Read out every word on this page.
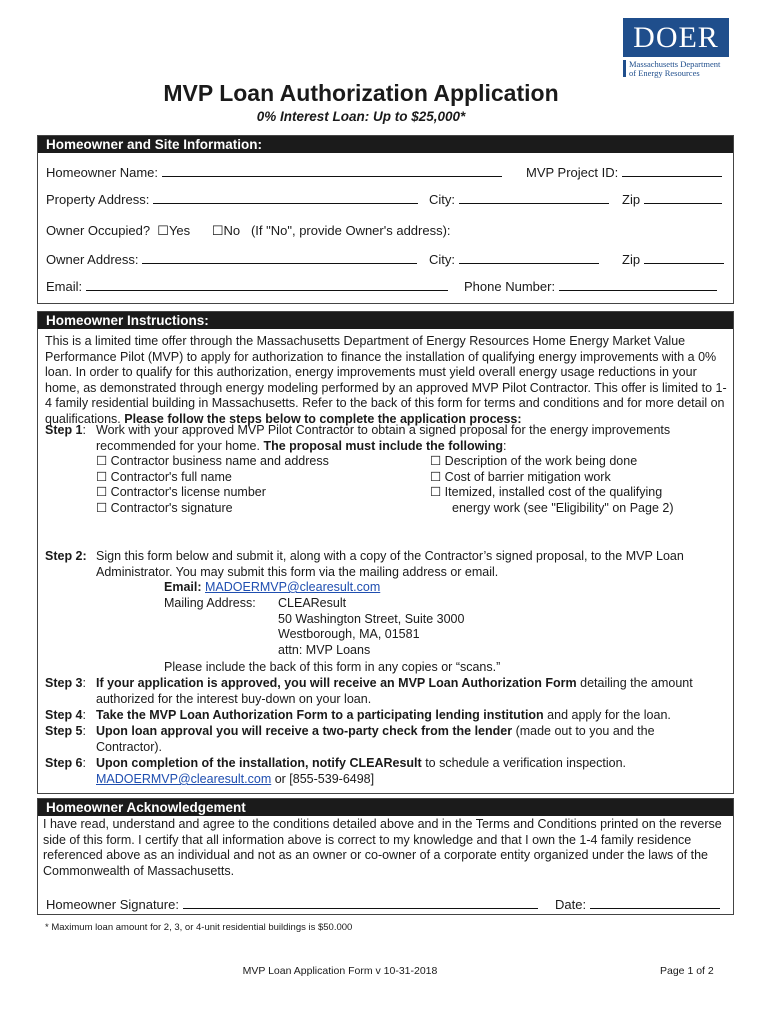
DOER
Massachusetts Department
of Energy Resources
MVP Loan Authorization Application
0% Interest Loan: Up to $25,000*
Homeowner and Site Information:
Homeowner Name:	MVP Project ID:
Property Address:	City:	Zip
Owner Occupied? ☐Yes ☐No (If "No", provide Owner's address):
Owner Address:	City:	Zip
Email:	Phone Number:
Homeowner Instructions:
This is a limited time offer through the Massachusetts Department of Energy Resources Home Energy Market Value Performance Pilot (MVP) to apply for authorization to finance the installation of qualifying energy improvements with a 0% loan. In order to qualify for this authorization, energy improvements must yield overall energy usage reductions in your home, as demonstrated through energy modeling performed by an approved MVP Pilot Contractor. This offer is limited to 1-4 family residential building in Massachusetts. Refer to the back of this form for terms and conditions and for more detail on qualifications. Please follow the steps below to complete the application process:
Step 1: Work with your approved MVP Pilot Contractor to obtain a signed proposal for the energy improvements recommended for your home. The proposal must include the following:
☐ Contractor business name and address
☐ Contractor's full name
☐ Contractor's license number
☐ Contractor's signature
☐ Description of the work being done
☐ Cost of barrier mitigation work
☐ Itemized, installed cost of the qualifying
energy work (see "Eligibility" on Page 2)
Step 2: Sign this form below and submit it, along with a copy of the Contractor’s signed proposal, to the MVP Loan Administrator. You may submit this form via the mailing address or email.
Email: MADOERMVP@clearesult.com
Mailing Address: CLEAResult
50 Washington Street, Suite 3000
Westborough, MA, 01581
attn: MVP Loans
Please include the back of this form in any copies or “scans.”
Step 3: If your application is approved, you will receive an MVP Loan Authorization Form detailing the amount authorized for the interest buy-down on your loan.
Step 4: Take the MVP Loan Authorization Form to a participating lending institution and apply for the loan.
Step 5: Upon loan approval you will receive a two-party check from the lender (made out to you and the Contractor).
Step 6: Upon completion of the installation, notify CLEAResult to schedule a verification inspection.
MADOERMVP@clearesult.com or [855-539-6498]
Homeowner Acknowledgement
I have read, understand and agree to the conditions detailed above and in the Terms and Conditions printed on the reverse side of this form. I certify that all information above is correct to my knowledge and that I own the 1-4 family residence referenced above as an individual and not as an owner or co-owner of a corporate entity organized under the laws of the Commonwealth of Massachusetts.
Homeowner Signature:	Date:
* Maximum loan amount for 2, 3, or 4-unit residential buildings is $50.000
MVP Loan Application Form v 10-31-2018	Page 1 of 2
